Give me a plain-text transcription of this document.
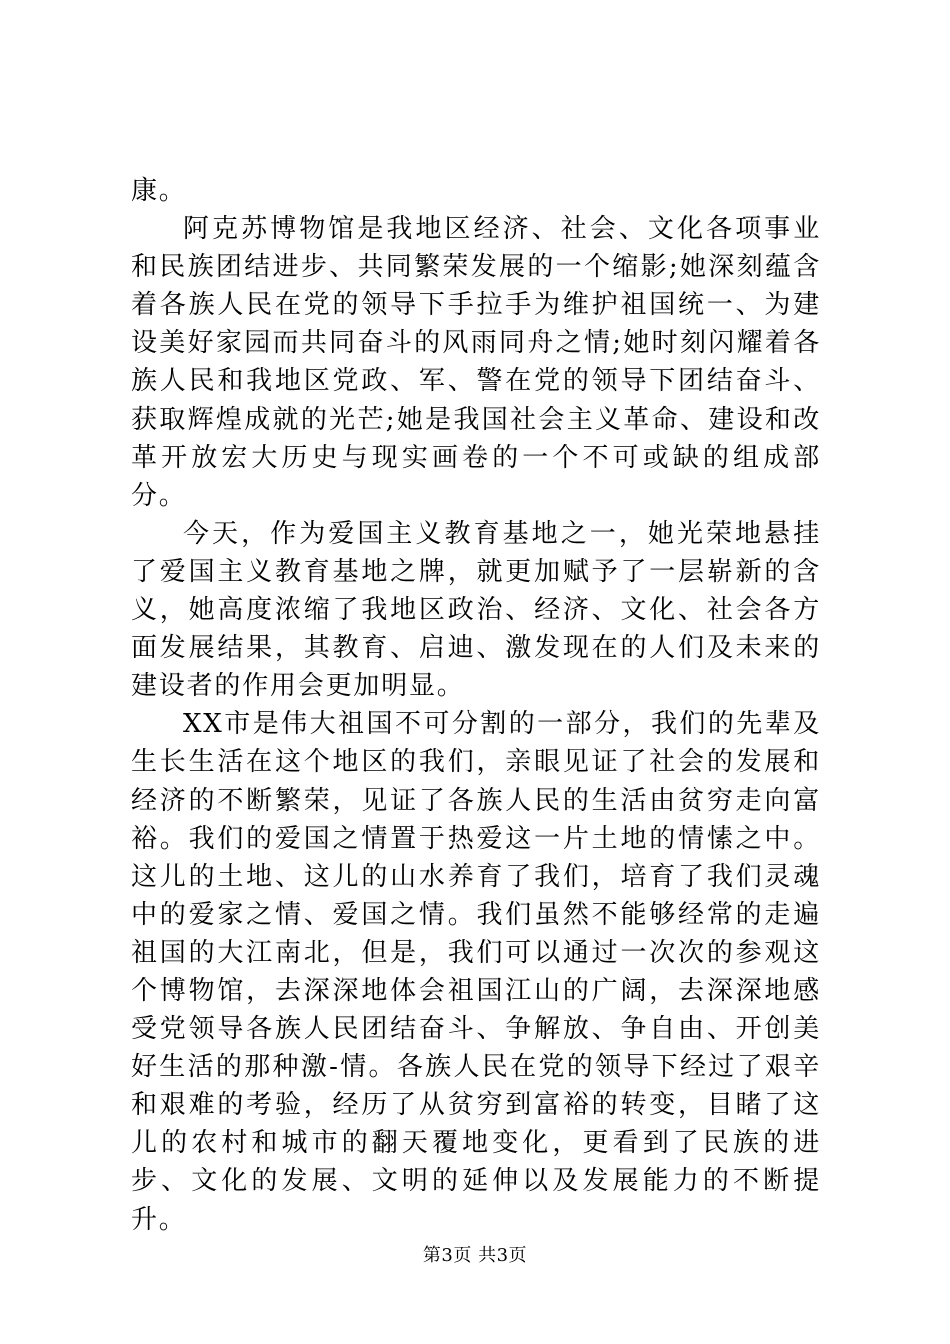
康。

阿克苏博物馆是我地区经济、社会、文化各项事业和民族团结进步、共同繁荣发展的一个缩影;她深刻蕴含着各族人民在党的领导下手拉手为维护祖国统一、为建设美好家园而共同奋斗的风雨同舟之情;她时刻闪耀着各族人民和我地区党政、军、警在党的领导下团结奋斗、获取辉煌成就的光芒;她是我国社会主义革命、建设和改革开放宏大历史与现实画卷的一个不可或缺的组成部分。

今天，作为爱国主义教育基地之一，她光荣地悬挂了爱国主义教育基地之牌，就更加赋予了一层崭新的含义，她高度浓缩了我地区政治、经济、文化、社会各方面发展结果，其教育、启迪、激发现在的人们及未来的建设者的作用会更加明显。

XX市是伟大祖国不可分割的一部分，我们的先辈及生长生活在这个地区的我们，亲眼见证了社会的发展和经济的不断繁荣，见证了各族人民的生活由贫穷走向富裕。我们的爱国之情置于热爱这一片土地的情愫之中。这儿的土地、这儿的山水养育了我们，培育了我们灵魂中的爱家之情、爱国之情。我们虽然不能够经常的走遍祖国的大江南北，但是，我们可以通过一次次的参观这个博物馆，去深深地体会祖国江山的广阔，去深深地感受党领导各族人民团结奋斗、争解放、争自由、开创美好生活的那种激-情。各族人民在党的领导下经过了艰辛和艰难的考验，经历了从贫穷到富裕的转变，目睹了这儿的农村和城市的翻天覆地变化，更看到了民族的进步、文化的发展、文明的延伸以及发展能力的不断提升。

第3页 共3页
